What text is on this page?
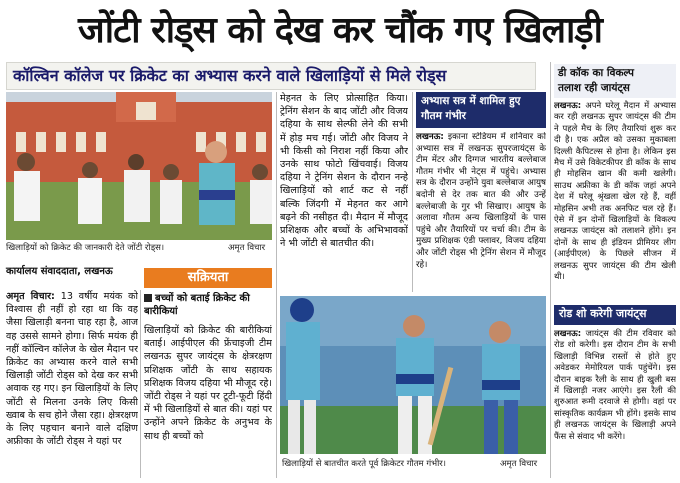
जोंटी रोड्स को देख कर चौंक गए खिलाड़ी
कॉल्विन कॉलेज पर क्रिकेट का अभ्यास करने वाले खिलाड़ियों से मिले रोड्स
खिलाड़ियों को क्रिकेट की जानकारी देते जोंटी रोड्स।	अमृत विचार
कार्यालय संवाददाता, लखनऊ
अमृत विचार: 13 वर्षीय मयंक को विश्वास ही नहीं हो रहा था कि वह जैसा खिलाड़ी बनना चाह रहा है, आज वह उससे सामने होगा। सिर्फ मयंक ही नहीं कॉल्विन कॉलेज के खेल मैदान पर क्रिकेट का अभ्यास करने वाले सभी खिलाड़ी जोंटी रोड्स को देख कर सभी अवाक रह गए। इन खिलाड़ियों के लिए जोंटी से मिलना उनके लिए किसी ख्वाब के सच होने जैसा रहा। क्षेत्ररक्षण के लिए पहचान बनाने वाले दक्षिण अफ्रीका के जोंटी रोड्स ने यहां पर
मेहनत के लिए प्रोत्साहित किया। ट्रेनिंग सेशन के बाद जोंटी और विजय दहिया के साथ सेल्फी लेने की सभी में होड़ मच गई। जोंटी और विजय ने भी किसी को निराश नहीं किया और उनके साथ फोटो खिंचवाई। विजय दहिया ने ट्रेनिंग सेशन के दौरान नन्हे खिलाड़ियों को शार्ट कट से नहीं बल्कि जिंदगी में मेहनत कर आगे बढ़ने की नसीहत दी। मैदान में मौजूद प्रशिक्षक और बच्चों के अभिभावकों ने भी जोंटी से बातचीत की।
सक्रियता
बच्चों को बताई क्रिकेट की बारीकियां
खिलाड़ियों को क्रिकेट की बारीकियां बताई। आईपीएल की फ्रेंचाइजी टीम लखनऊ सुपर जायंट्स के क्षेत्ररक्षण प्रशिक्षक जोंटी के साथ सहायक प्रशिक्षक विजय दहिया भी मौजूद रहे। जोंटी रोड्स ने यहां पर टूटी-फूटी हिंदी में भी खिलाड़ियों से बात की। यहां पर उन्होंने अपने क्रिकेट के अनुभव के साथ ही बच्चों को
अभ्यास सत्र में शामिल हुए गौतम गंभीर
लखनऊ: इकाना स्टेडियम में शनिवार को अभ्यास सत्र में लखनऊ सुपरजायंट्स के टीम मेंटर और दिग्गज भारतीय बल्लेबाज गौतम गंभीर भी नेट्स में पहुंचे। अभ्यास सत्र के दौरान उन्होंने युवा बल्लेबाज आयुष बदोनी से देर तक बात की और उन्हें बल्लेबाजी के गुर भी सिखाए। आयुष के अलावा गौतम अन्य खिलाड़ियों के पास पहुंचे और तैयारियों पर चर्चा की। टीम के मुख्य प्रशिक्षक एंडी फ्लावर, विजय दहिया और जोंटी रोड्स भी ट्रेनिंग सेशन में मौजूद रहे।
खिलाड़ियों से बातचीत करते पूर्व क्रिकेटर गौतम गंभीर।	अमृत विचार
डी कॉक का विकल्प
तलाश रही जायंट्स
लखनऊ: अपने घरेलू मैदान में अभ्यास कर रही लखनऊ सुपर जायंट्स की टीम ने पहले मैच के लिए तैयारियां शुरू कर दी है। एक अप्रैल को उसका मुकाबला दिल्ली कैपिटल्स से होना है। लेकिन इस मैच में उसे विकेटकीपर डी कॉक के साथ ही मोहसिन खान की कमी खलेगी। साउथ अफ्रीका के डी कॉक जहां अपने देश में घरेलू श्रृंखला खेल रहे हैं, वहीं मोहसिन अभी तक अनफिट चल रहे हैं। ऐसे में इन दोनों खिलाड़ियों के विकल्प लखनऊ जायंट्स को तलाशने होंगे। इन दोनों के साथ ही इंडियन प्रीमियर लीग (आईपीएल) के पिछले सीजन में लखनऊ सुपर जायंट्स की टीम खेली थी।
रोड शो करेगी जायंट्स
लखनऊ: जायंट्स की टीम रविवार को रोड शो करेगी। इस दौरान टीम के सभी खिलाड़ी विभिन्न रास्तों से होते हुए अवेडकर मेमोरियल पार्क पहुंचेंगे। इस दौरान बाइक रैली के साथ ही खुली बस में खिलाड़ी नजर आएंगे। इस रैली की शुरुआत रूमी दरवाजे से होगी। वहां पर सांस्कृतिक कार्यक्रम भी होंगे। इसके साथ ही लखनऊ जायंट्स के खिलाड़ी अपने फैंस से संवाद भी करेंगे।
